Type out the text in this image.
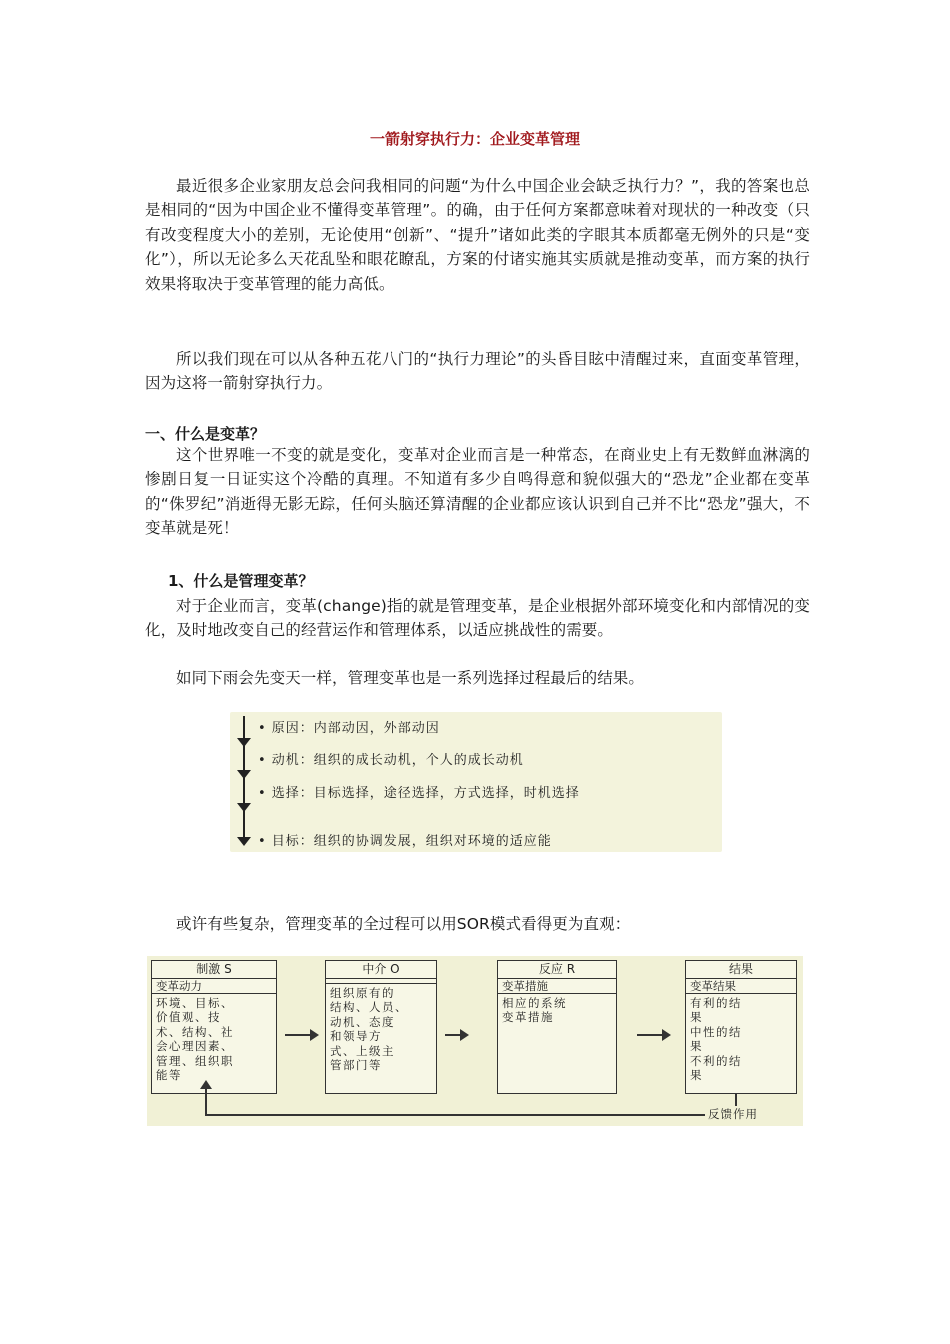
一箭射穿执行力：企业变革管理

最近很多企业家朋友总会问我相同的问题“为什么中国企业会缺乏执行力？”，我的答案也总是相同的“因为中国企业不懂得变革管理”。的确，由于任何方案都意味着对现状的一种改变（只有改变程度大小的差别，无论使用“创新”、“提升”诸如此类的字眼其本质都毫无例外的只是“变化”），所以无论多么天花乱坠和眼花瞭乱，方案的付诸实施其实质就是推动变革，而方案的执行效果将取决于变革管理的能力高低。

所以我们现在可以从各种五花八门的“执行力理论”的头昏目眩中清醒过来，直面变革管理，因为这将一箭射穿执行力。

一、什么是变革？

这个世界唯一不变的就是变化，变革对企业而言是一种常态，在商业史上有无数鲜血淋漓的惨剧日复一日证实这个冷酷的真理。不知道有多少自鸣得意和貌似强大的“恐龙”企业都在变革的“侏罗纪”消逝得无影无踪，任何头脑还算清醒的企业都应该认识到自己并不比“恐龙”强大，不变革就是死！

1、什么是管理变革？

对于企业而言，变革(change)指的就是管理变革，是企业根据外部环境变化和内部情况的变化，及时地改变自己的经营运作和管理体系，以适应挑战性的需要。

如同下雨会先变天一样，管理变革也是一系列选择过程最后的结果。

• 原因：内部动因，外部动因
• 动机：组织的成长动机，个人的成长动机
• 选择：目标选择，途径选择，方式选择，时机选择
• 目标：组织的协调发展，组织对环境的适应能

或许有些复杂，管理变革的全过程可以用SOR模式看得更为直观：

制激 S
变革动力
环境、目标、
价值观、技
术、结构、社
会心理因素、
管理、组织职
能等
中介 O
组织原有的
结构、人员、
动机、态度
和领导方
式、上级主
管部门等
反应 R
变革措施
相应的系统
变革措施
结果
变革结果
有利的结
果
中性的结
果
不利的结
果
反馈作用
